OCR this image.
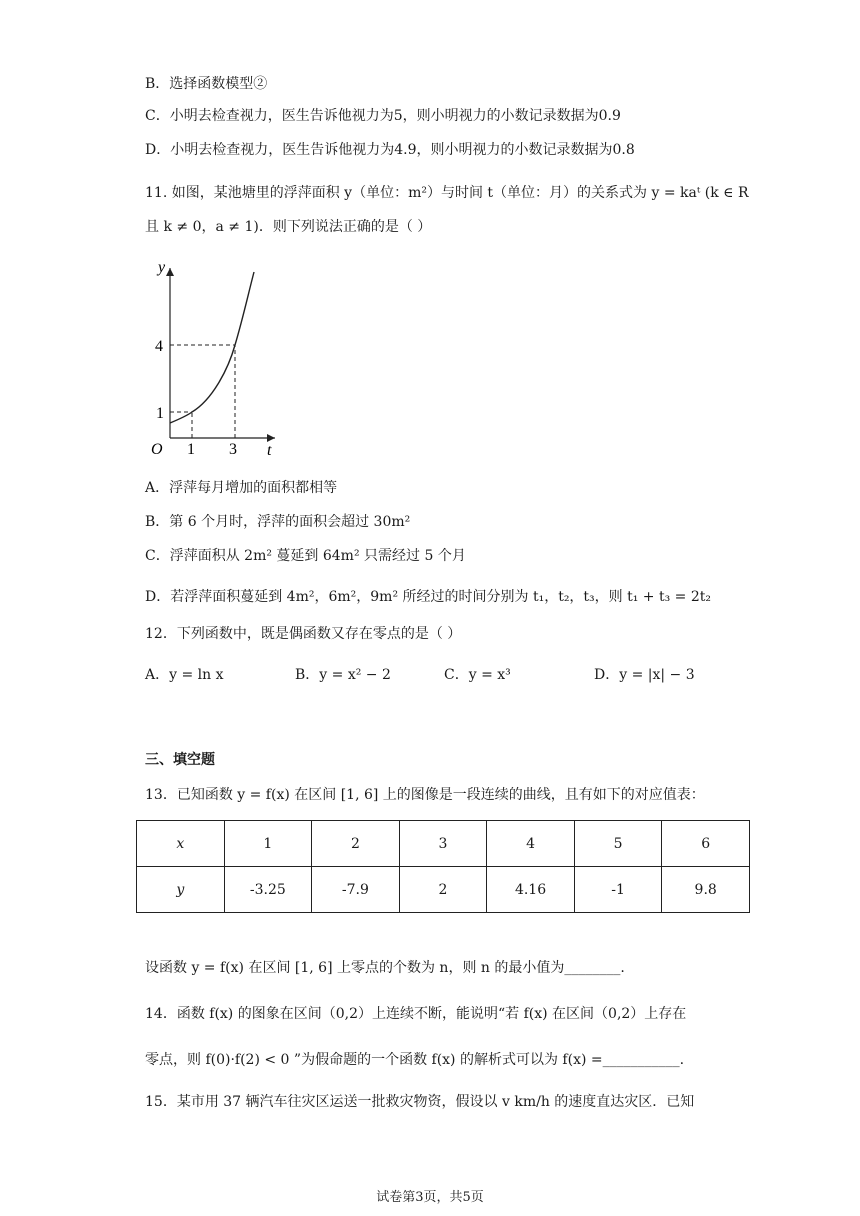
B．选择函数模型②
C．小明去检查视力，医生告诉他视力为5，则小明视力的小数记录数据为0.9
D．小明去检查视力，医生告诉他视力为4.9，则小明视力的小数记录数据为0.8
11. 如图，某池塘里的浮萍面积 y（单位：m²）与时间 t（单位：月）的关系式为 y = kaᵗ (k ∈ R
且 k ≠ 0，a ≠ 1)．则下列说法正确的是（ ）
y
t
O 1 3
1
4
A．浮萍每月增加的面积都相等
B．第 6 个月时，浮萍的面积会超过 30m²
C．浮萍面积从 2m² 蔓延到 64m² 只需经过 5 个月
D．若浮萍面积蔓延到 4m²，6m²，9m² 所经过的时间分别为 t₁，t₂，t₃，则 t₁ + t₃ = 2t₂
12．下列函数中，既是偶函数又存在零点的是（ ）
A．y = ln x	B．y = x² − 2	C．y = x³	D．y = |x| − 3
三、填空题
13．已知函数 y = f(x) 在区间 [1, 6] 上的图像是一段连续的曲线，且有如下的对应值表：
x	1	2	3	4	5	6
y	-3.25	-7.9	2	4.16	-1	9.8
设函数 y = f(x) 在区间 [1, 6] 上零点的个数为 n，则 n 的最小值为________.
14．函数 f(x) 的图象在区间（0,2）上连续不断，能说明“若 f(x) 在区间（0,2）上存在
零点，则 f(0)·f(2) < 0 ”为假命题的一个函数 f(x) 的解析式可以为 f(x) =___________.
15．某市用 37 辆汽车往灾区运送一批救灾物资，假设以 v km/h 的速度直达灾区．已知
试卷第3页，共5页
